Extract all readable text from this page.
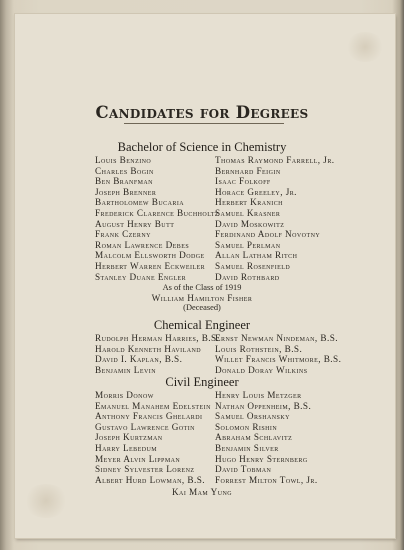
Candidates for Degrees
Bachelor of Science in Chemistry
Louis Benzino
Charles Bogin
Ben Branfman
Joseph Brenner
Bartholomew Bucaria
Frederick Clarence Buchholtz
August Henry Butt
Frank Czerny
Roman Lawrence Debes
Malcolm Ellsworth Dodge
Herbert Warren Eckweiler
Stanley Duane Engler
Thomas Raymond Farrell, Jr.
Bernhard Feigin
Isaac Folkoff
Horace Greeley, Jr.
Herbert Kranich
Samuel Krasner
David Moskowitz
Ferdinand Adolf Novotny
Samuel Perlman
Allan Latham Ritch
Samuel Rosenfield
David Rothbard
As of the Class of 1919
William Hamilton Fisher
(Deceased)
Chemical Engineer
Rudolph Herman Harries, B.S.
Harold Kenneth Haviland
David I. Kaplan, B.S.
Benjamin Levin
Ernst Newman Nindeman, B.S.
Louis Rothstein, B.S.
Willet Francis Whitmore, B.S.
Donald Doray Wilkins
Civil Engineer
Morris Donow
Emanuel Manahem Edelstein
Anthony Francis Ghelardi
Gustavo Lawrence Gotin
Joseph Kurtzman
Harry Lebedum
Meyer Alvin Lippman
Sidney Sylvester Lorenz
Albert Hurd Lowman, B.S.
Henry Louis Metzger
Nathan Oppenheim, B.S.
Samuel Orshansky
Solomon Rishin
Abraham Schlavitz
Benjamin Silver
Hugo Henry Sternberg
David Tobman
Forrest Milton Towl, Jr.
Kai Mam Yung
